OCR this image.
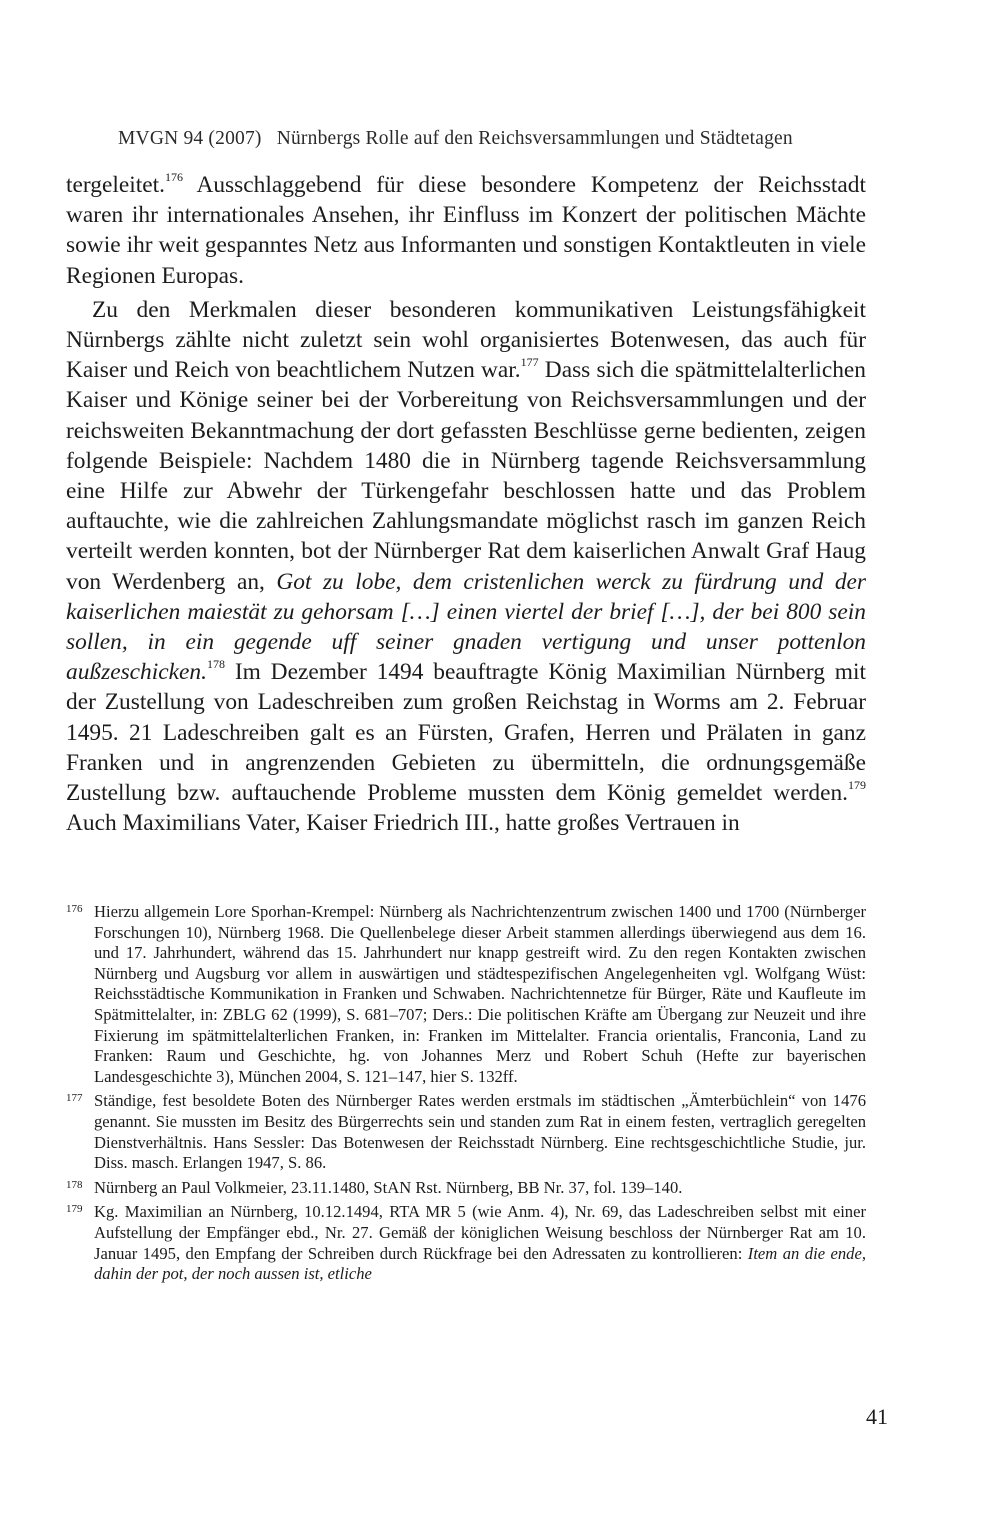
MVGN 94 (2007) Nürnbergs Rolle auf den Reichsversammlungen und Städtetagen

tergeleitet.$^{176}$ Ausschlaggebend für diese besondere Kompetenz der Reichsstadt waren ihr internationales Ansehen, ihr Einfluss im Konzert der politischen Mächte sowie ihr weit gespanntes Netz aus Informanten und sonstigen Kontaktleuten in viele Regionen Europas.

Zu den Merkmalen dieser besonderen kommunikativen Leistungsfähigkeit Nürnbergs zählte nicht zuletzt sein wohl organisiertes Botenwesen, das auch für Kaiser und Reich von beachtlichem Nutzen war.$^{177}$ Dass sich die spätmittelalterlichen Kaiser und Könige seiner bei der Vorbereitung von Reichsversammlungen und der reichsweiten Bekanntmachung der dort gefassten Beschlüsse gerne bedienten, zeigen folgende Beispiele: Nachdem 1480 die in Nürnberg tagende Reichsversammlung eine Hilfe zur Abwehr der Türkengefahr beschlossen hatte und das Problem auftauchte, wie die zahlreichen Zahlungsmandate möglichst rasch im ganzen Reich verteilt werden konnten, bot der Nürnberger Rat dem kaiserlichen Anwalt Graf Haug von Werdenberg an, Got zu lobe, dem cristenlichen werck zu fürdrung und der kaiserlichen maiestät zu gehorsam […] einen viertel der brief […], der bei 800 sein sollen, in ein gegende uff seiner gnaden vertigung und unser pottenlon außzeschicken.$^{178}$ Im Dezember 1494 beauftragte König Maximilian Nürnberg mit der Zustellung von Ladeschreiben zum großen Reichstag in Worms am 2. Februar 1495. 21 Ladeschreiben galt es an Fürsten, Grafen, Herren und Prälaten in ganz Franken und in angrenzenden Gebieten zu übermitteln, die ordnungsgemäße Zustellung bzw. auftauchende Probleme mussten dem König gemeldet werden.$^{179}$ Auch Maximilians Vater, Kaiser Friedrich III., hatte großes Vertrauen in

176 Hierzu allgemein Lore Sporhan-Krempel: Nürnberg als Nachrichtenzentrum zwischen 1400 und 1700 (Nürnberger Forschungen 10), Nürnberg 1968. Die Quellenbelege dieser Arbeit stammen allerdings überwiegend aus dem 16. und 17. Jahrhundert, während das 15. Jahrhundert nur knapp gestreift wird. Zu den regen Kontakten zwischen Nürnberg und Augsburg vor allem in auswärtigen und städtespezifischen Angelegenheiten vgl. Wolfgang Wüst: Reichsstädtische Kommunikation in Franken und Schwaben. Nachrichtennetze für Bürger, Räte und Kaufleute im Spätmittelalter, in: ZBLG 62 (1999), S. 681–707; Ders.: Die politischen Kräfte am Übergang zur Neuzeit und ihre Fixierung im spätmittelalterlichen Franken, in: Franken im Mittelalter. Francia orientalis, Franconia, Land zu Franken: Raum und Geschichte, hg. von Johannes Merz und Robert Schuh (Hefte zur bayerischen Landesgeschichte 3), München 2004, S. 121–147, hier S. 132ff.
177 Ständige, fest besoldete Boten des Nürnberger Rates werden erstmals im städtischen „Ämterbüchlein“ von 1476 genannt. Sie mussten im Besitz des Bürgerrechts sein und standen zum Rat in einem festen, vertraglich geregelten Dienstverhältnis. Hans Sessler: Das Botenwesen der Reichsstadt Nürnberg. Eine rechtsgeschichtliche Studie, jur. Diss. masch. Erlangen 1947, S. 86.
178 Nürnberg an Paul Volkmeier, 23.11.1480, StAN Rst. Nürnberg, BB Nr. 37, fol. 139–140.
179 Kg. Maximilian an Nürnberg, 10.12.1494, RTA MR 5 (wie Anm. 4), Nr. 69, das Ladeschreiben selbst mit einer Aufstellung der Empfänger ebd., Nr. 27. Gemäß der königlichen Weisung beschloss der Nürnberger Rat am 10. Januar 1495, den Empfang der Schreiben durch Rückfrage bei den Adressaten zu kontrollieren: Item an die ende, dahin der pot, der noch aussen ist, etliche
41
